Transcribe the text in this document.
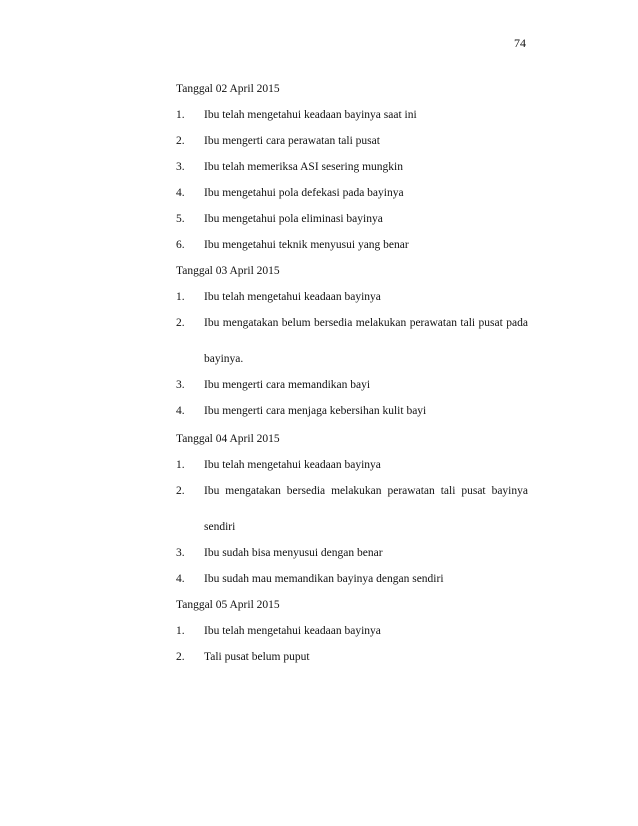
74
Tanggal 02 April 2015
1.	Ibu telah mengetahui keadaan bayinya saat ini
2.	Ibu mengerti cara perawatan tali pusat
3.	Ibu telah memeriksa ASI sesering mungkin
4.	Ibu mengetahui pola defekasi pada bayinya
5.	Ibu mengetahui pola eliminasi bayinya
6.	Ibu mengetahui teknik menyusui yang benar
Tanggal 03 April 2015
1.	Ibu telah mengetahui keadaan bayinya
2.	Ibu mengatakan belum bersedia melakukan perawatan tali pusat pada bayinya.
3.	Ibu mengerti cara memandikan bayi
4.	Ibu mengerti cara menjaga kebersihan kulit bayi
Tanggal 04 April 2015
1.	Ibu telah mengetahui keadaan bayinya
2.	Ibu mengatakan bersedia melakukan perawatan tali pusat bayinya sendiri
3.	Ibu sudah bisa menyusui dengan benar
4.	Ibu sudah mau memandikan bayinya dengan sendiri
Tanggal 05 April 2015
1.	Ibu telah mengetahui keadaan bayinya
2.	Tali pusat belum puput
